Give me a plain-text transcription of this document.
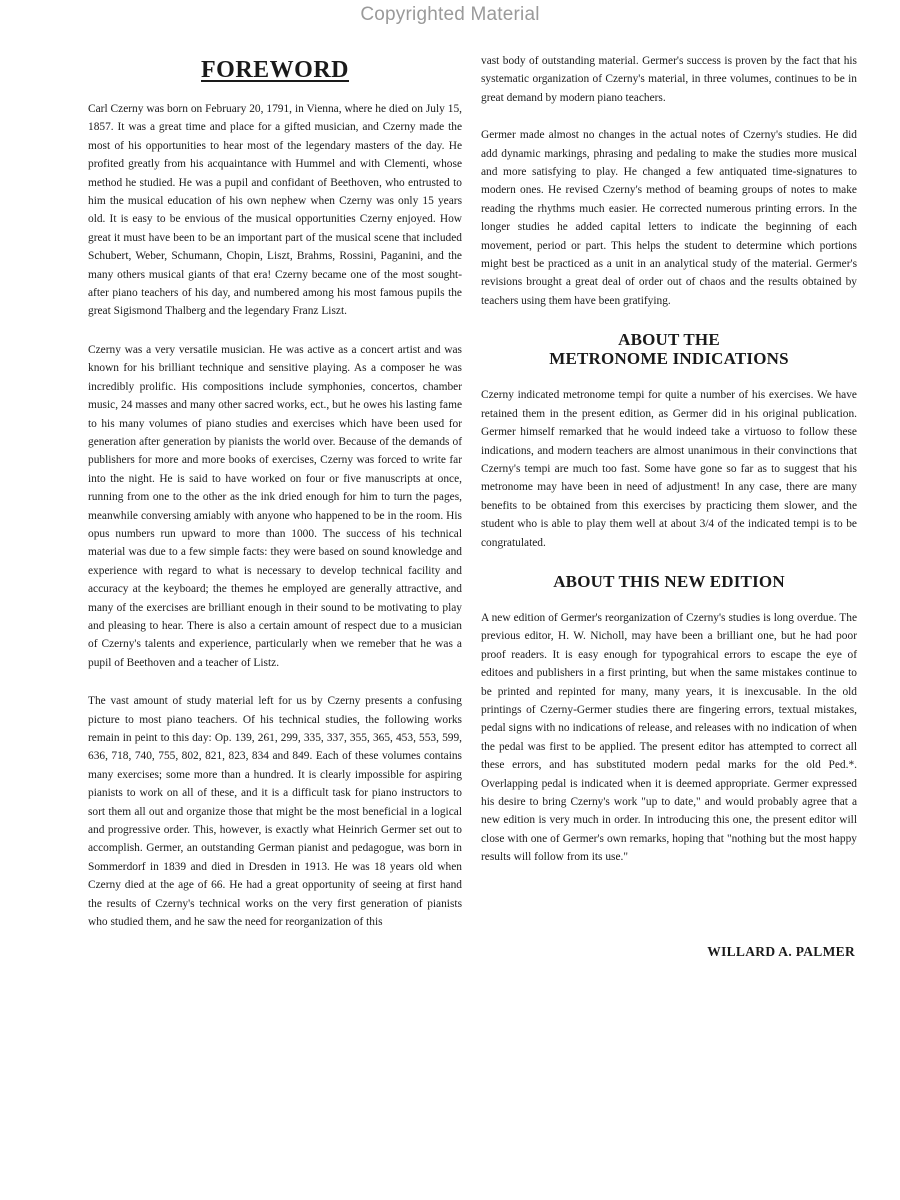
Copyrighted Material
FOREWORD

Carl Czerny was born on February 20, 1791, in Vienna, where he died on July 15, 1857. It was a great time and place for a gifted musician, and Czerny made the most of his opportunities to hear most of the legendary masters of the day. He profited greatly from his acquaintance with Hummel and with Clementi, whose method he studied. He was a pupil and confidant of Beethoven, who entrusted to him the musical education of his own nephew when Czerny was only 15 years old. It is easy to be envious of the musical opportunities Czerny enjoyed. How great it must have been to be an important part of the musical scene that included Schubert, Weber, Schumann, Chopin, Liszt, Brahms, Rossini, Paganini, and the many others musical giants of that era! Czerny became one of the most sought-after piano teachers of his day, and numbered among his most famous pupils the great Sigismond Thalberg and the legendary Franz Liszt.

Czerny was a very versatile musician. He was active as a concert artist and was known for his brilliant technique and sensitive playing. As a composer he was incredibly prolific. His compositions include symphonies, concertos, chamber music, 24 masses and many other sacred works, ect., but he owes his lasting fame to his many volumes of piano studies and exercises which have been used for generation after generation by pianists the world over. Because of the demands of publishers for more and more books of exercises, Czerny was forced to write far into the night. He is said to have worked on four or five manuscripts at once, running from one to the other as the ink dried enough for him to turn the pages, meanwhile conversing amiably with anyone who happened to be in the room. His opus numbers run upward to more than 1000. The success of his technical material was due to a few simple facts: they were based on sound knowledge and experience with regard to what is necessary to develop technical facility and accuracy at the keyboard; the themes he employed are generally attractive, and many of the exercises are brilliant enough in their sound to be motivating to play and pleasing to hear. There is also a certain amount of respect due to a musician of Czerny's talents and experience, particularly when we remeber that he was a pupil of Beethoven and a teacher of Listz.

The vast amount of study material left for us by Czerny presents a confusing picture to most piano teachers. Of his technical studies, the following works remain in peint to this day: Op. 139, 261, 299, 335, 337, 355, 365, 453, 553, 599, 636, 718, 740, 755, 802, 821, 823, 834 and 849. Each of these volumes contains many exercises; some more than a hundred. It is clearly impossible for aspiring pianists to work on all of these, and it is a difficult task for piano instructors to sort them all out and organize those that might be the most beneficial in a logical and progressive order. This, however, is exactly what Heinrich Germer set out to accomplish. Germer, an outstanding German pianist and pedagogue, was born in Sommerdorf in 1839 and died in Dresden in 1913. He was 18 years old when Czerny died at the age of 66. He had a great opportunity of seeing at first hand the results of Czerny's technical works on the very first generation of pianists who studied them, and he saw the need for reorganization of this

vast body of outstanding material. Germer's success is proven by the fact that his systematic organization of Czerny's material, in three volumes, continues to be in great demand by modern piano teachers.

Germer made almost no changes in the actual notes of Czerny's studies. He did add dynamic markings, phrasing and pedaling to make the studies more musical and more satisfying to play. He changed a few antiquated time-signatures to modern ones. He revised Czerny's method of beaming groups of notes to make reading the rhythms much easier. He corrected numerous printing errors. In the longer studies he added capital letters to indicate the beginning of each movement, period or part. This helps the student to determine which portions might best be practiced as a unit in an analytical study of the material. Germer's revisions brought a great deal of order out of chaos and the results obtained by teachers using them have been gratifying.

ABOUT THE
METRONOME INDICATIONS

Czerny indicated metronome tempi for quite a number of his exercises. We have retained them in the present edition, as Germer did in his original publication. Germer himself remarked that he would indeed take a virtuoso to follow these indications, and modern teachers are almost unanimous in their convinctions that Czerny's tempi are much too fast. Some have gone so far as to suggest that his metronome may have been in need of adjustment! In any case, there are many benefits to be obtained from this exercises by practicing them slower, and the student who is able to play them well at about 3/4 of the indicated tempi is to be congratulated.

ABOUT THIS NEW EDITION

A new edition of Germer's reorganization of Czerny's studies is long overdue. The previous editor, H. W. Nicholl, may have been a brilliant one, but he had poor proof readers. It is easy enough for typograhical errors to escape the eye of editoes and publishers in a first printing, but when the same mistakes continue to be printed and repinted for many, many years, it is inexcusable. In the old printings of Czerny-Germer studies there are fingering errors, textual mistakes, pedal signs with no indications of release, and releases with no indication of when the pedal was first to be applied. The present editor has attempted to correct all these errors, and has substituted modern pedal marks for the old Ped.*. Overlapping pedal is indicated when it is deemed appropriate. Germer expressed his desire to bring Czerny's work "up to date," and would probably agree that a new edition is very much in order. In introducing this one, the present editor will close with one of Germer's own remarks, hoping that "nothing but the most happy results will follow from its use."

WILLARD A. PALMER
